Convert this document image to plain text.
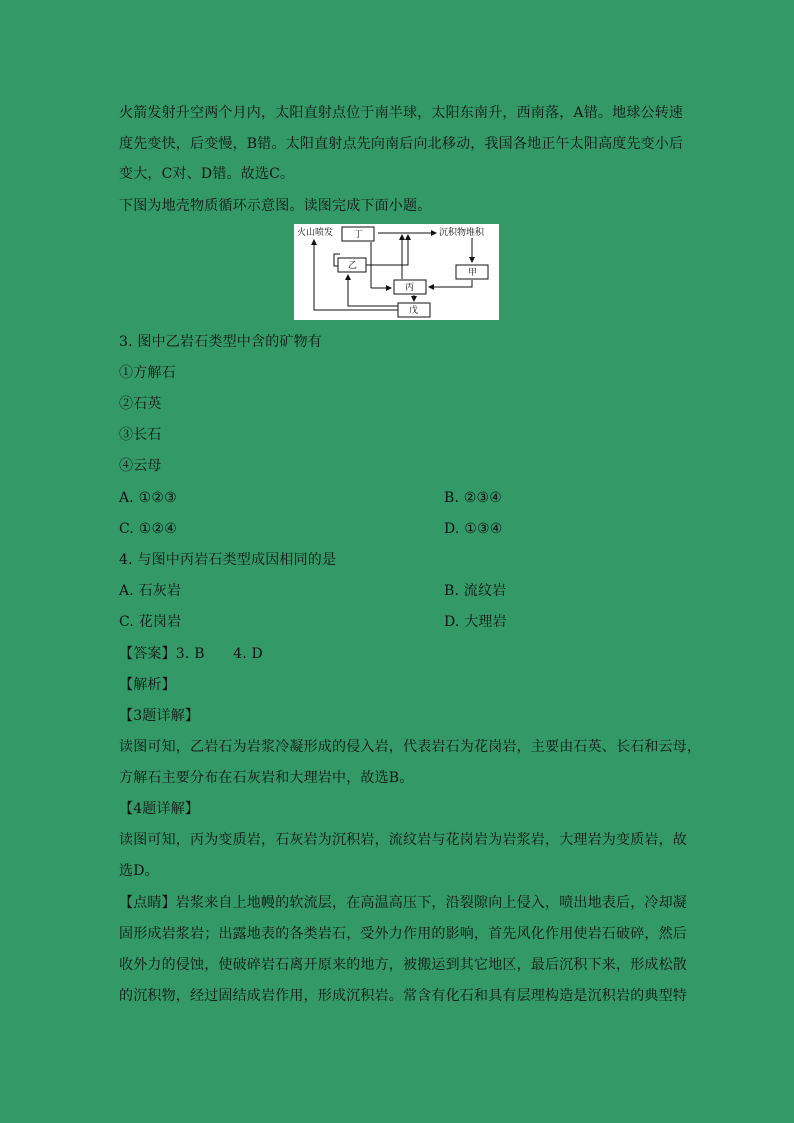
火箭发射升空两个月内，太阳直射点位于南半球，太阳东南升，西南落，A错。地球公转速
度先变快，后变慢，B错。太阳直射点先向南后向北移动，我国各地正午太阳高度先变小后
变大，C对、D错。故选C。
下图为地壳物质循环示意图。读图完成下面小题。
火山喷发	沉积物堆积
丁
乙
甲
丙
戊
3. 图中乙岩石类型中含的矿物有
①方解石
②石英
③长石
④云母
A. ①②③	B. ②③④
C. ①②④	D. ①③④
4. 与图中丙岩石类型成因相同的是
A. 石灰岩	B. 流纹岩
C. 花岗岩	D. 大理岩
【答案】3. B　　4. D
【解析】
【3题详解】
读图可知，乙岩石为岩浆冷凝形成的侵入岩，代表岩石为花岗岩，主要由石英、长石和云母，
方解石主要分布在石灰岩和大理岩中，故选B。
【4题详解】
读图可知，丙为变质岩，石灰岩为沉积岩，流纹岩与花岗岩为岩浆岩，大理岩为变质岩，故
选D。
【点睛】岩浆来自上地幔的软流层，在高温高压下，沿裂隙向上侵入，喷出地表后，冷却凝
固形成岩浆岩；出露地表的各类岩石，受外力作用的影响，首先风化作用使岩石破碎，然后
收外力的侵蚀，使破碎岩石离开原来的地方，被搬运到其它地区，最后沉积下来，形成松散
的沉积物，经过固结成岩作用，形成沉积岩。常含有化石和具有层理构造是沉积岩的典型特
